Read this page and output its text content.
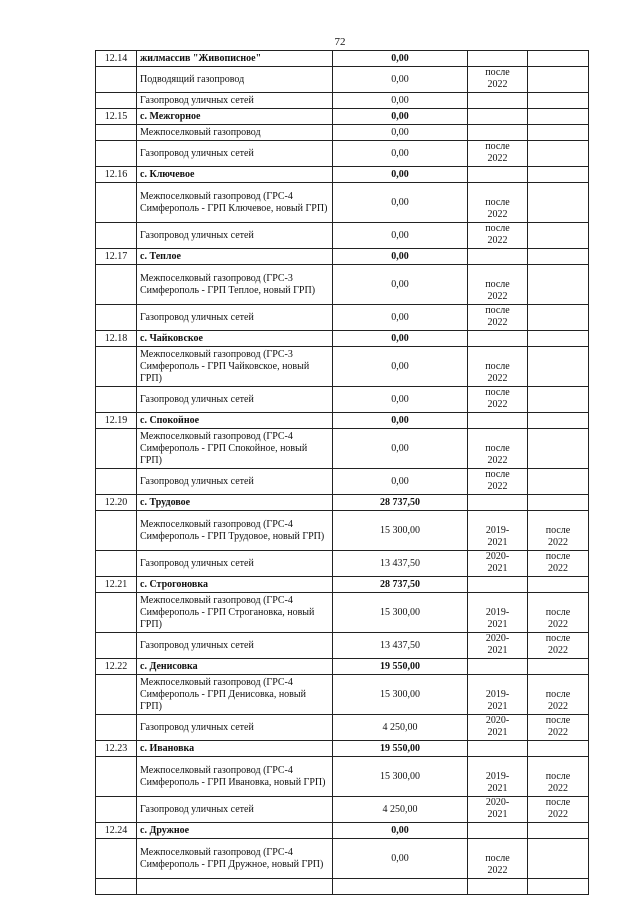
72
12.14	жилмассив "Живописное"	0,00		
	Подводящий газопровод	0,00	после 2022	
	Газопровод уличных сетей	0,00		
12.15	с. Межгорное	0,00		
	Межпоселковый газопровод	0,00		
	Газопровод уличных сетей	0,00	после 2022	
12.16	с. Ключевое	0,00		
	Межпоселковый газопровод (ГРС-4 Симферополь - ГРП Ключевое, новый ГРП)	0,00	после 2022	
	Газопровод уличных сетей	0,00	после 2022	
12.17	с. Теплое	0,00		
	Межпоселковый газопровод (ГРС-3 Симферополь - ГРП Теплое, новый ГРП)	0,00	после 2022	
	Газопровод уличных сетей	0,00	после 2022	
12.18	с. Чайковское	0,00		
	Межпоселковый газопровод (ГРС-3 Симферополь - ГРП Чайковское, новый ГРП)	0,00	после 2022	
	Газопровод уличных сетей	0,00	после 2022	
12.19	с. Спокойное	0,00		
	Межпоселковый газопровод (ГРС-4 Симферополь - ГРП Спокойное, новый ГРП)	0,00	после 2022	
	Газопровод уличных сетей	0,00	после 2022	
12.20	с. Трудовое	28 737,50		
	Межпоселковый газопровод (ГРС-4 Симферополь - ГРП Трудовое, новый ГРП)	15 300,00	2019-2021	после 2022
	Газопровод уличных сетей	13 437,50	2020-2021	после 2022
12.21	с. Строгоновка	28 737,50		
	Межпоселковый газопровод (ГРС-4 Симферополь - ГРП Строгановка, новый ГРП)	15 300,00	2019-2021	после 2022
	Газопровод уличных сетей	13 437,50	2020-2021	после 2022
12.22	с. Денисовка	19 550,00		
	Межпоселковый газопровод (ГРС-4 Симферополь - ГРП Денисовка, новый ГРП)	15 300,00	2019-2021	после 2022
	Газопровод уличных сетей	4 250,00	2020-2021	после 2022
12.23	с. Ивановка	19 550,00		
	Межпоселковый газопровод (ГРС-4 Симферополь - ГРП Ивановка, новый ГРП)	15 300,00	2019-2021	после 2022
	Газопровод уличных сетей	4 250,00	2020-2021	после 2022
12.24	с. Дружное	0,00		
	Межпоселковый газопровод (ГРС-4 Симферополь - ГРП Дружное, новый ГРП)	0,00	после 2022	
